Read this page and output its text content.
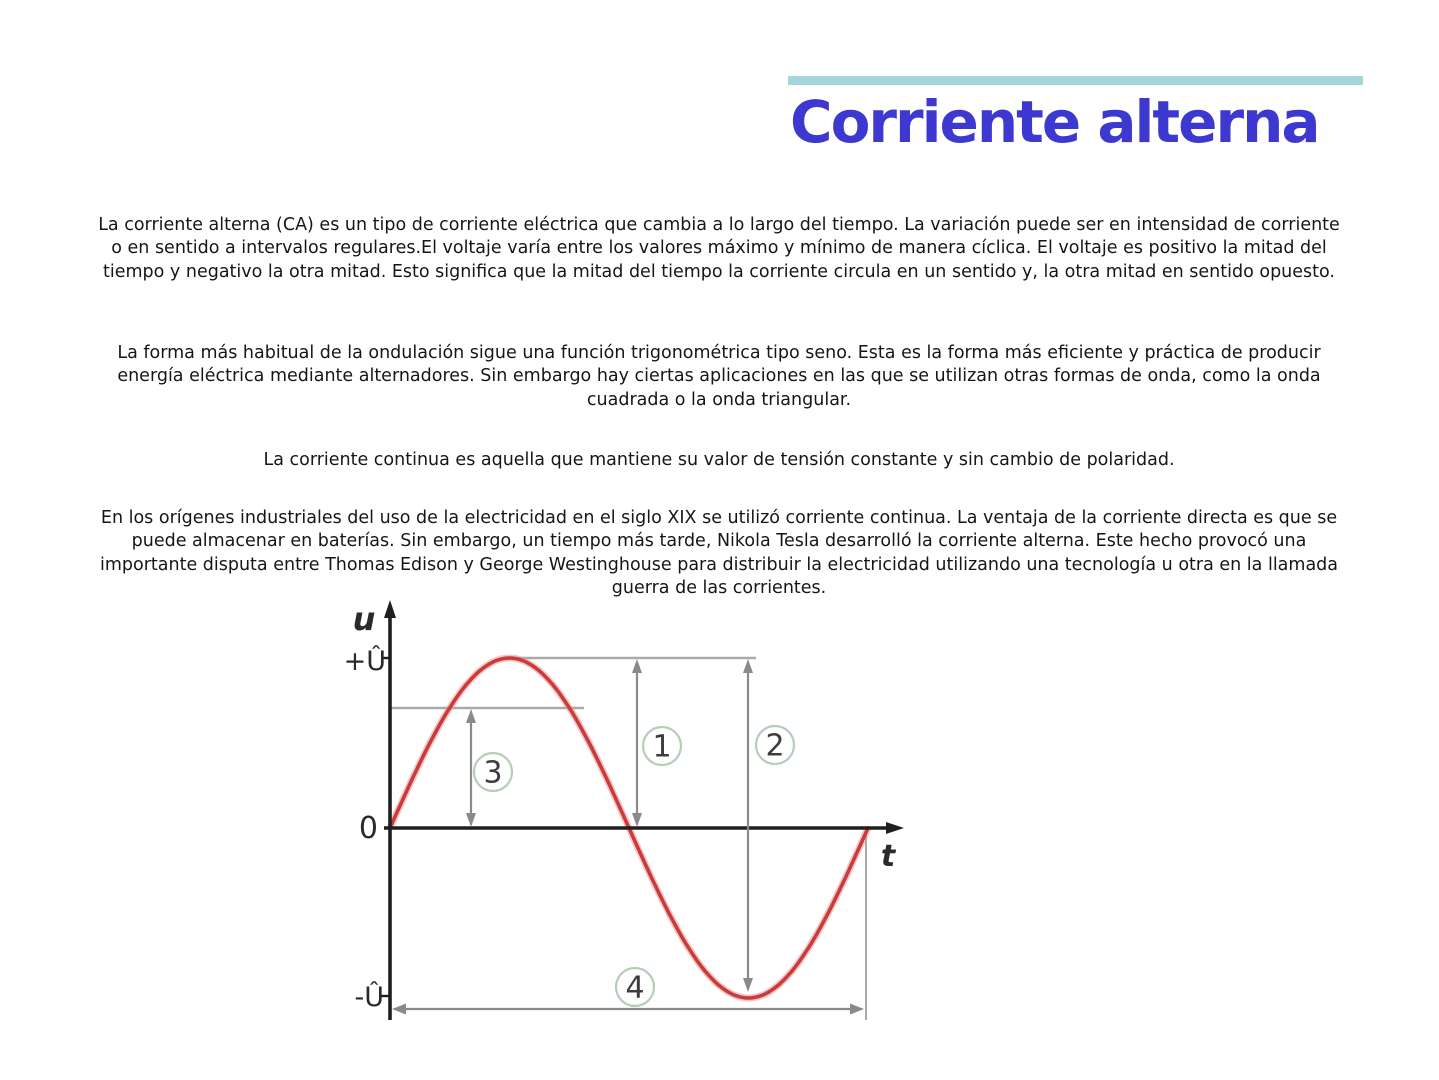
Corriente alterna

La corriente alterna (CA) es un tipo de corriente eléctrica que cambia a lo largo del tiempo. La variación puede ser en intensidad de corriente o en sentido a intervalos regulares.El voltaje varía entre los valores máximo y mínimo de manera cíclica. El voltaje es positivo la mitad del tiempo y negativo la otra mitad. Esto significa que la mitad del tiempo la corriente circula en un sentido y, la otra mitad en sentido opuesto.

La forma más habitual de la ondulación sigue una función trigonométrica tipo seno. Esta es la forma más eficiente y práctica de producir energía eléctrica mediante alternadores. Sin embargo hay ciertas aplicaciones en las que se utilizan otras formas de onda, como la onda cuadrada o la onda triangular.

La corriente continua es aquella que mantiene su valor de tensión constante y sin cambio de polaridad.

En los orígenes industriales del uso de la electricidad en el siglo XIX se utilizó corriente continua. La ventaja de la corriente directa es que se puede almacenar en baterías. Sin embargo, un tiempo más tarde, Nikola Tesla desarrolló la corriente alterna. Este hecho provocó una importante disputa entre Thomas Edison y George Westinghouse para distribuir la electricidad utilizando una tecnología u otra en la llamada guerra de las corrientes.

1	2
3
4
u
+Û
0
-Û
t
